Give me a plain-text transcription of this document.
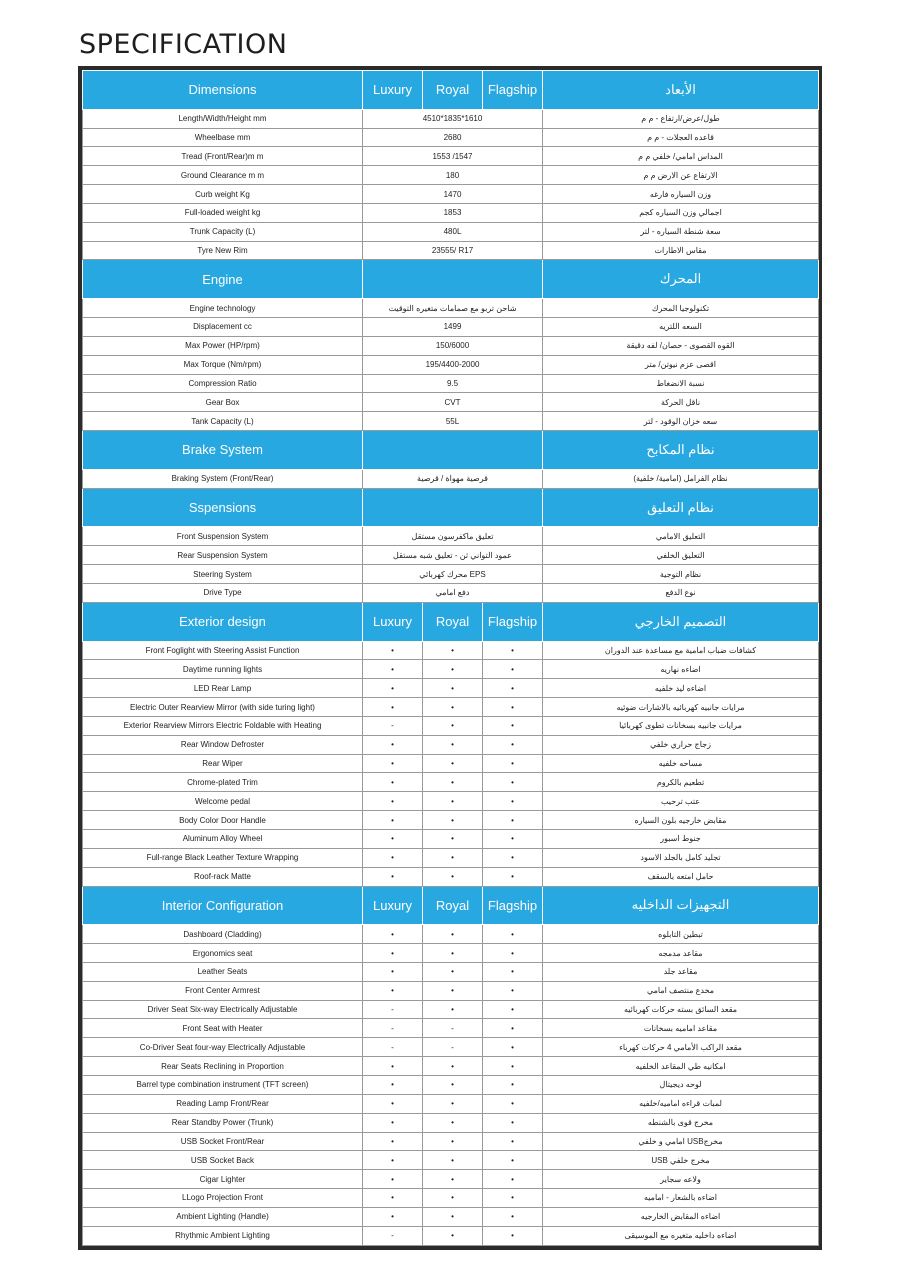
SPECIFICATION
Dimensions	Luxury	Royal	Flagship	الأبعاد
Length/Width/Height mm	4510*1835*1610			طول/عرض/ارتفاع - م م
Wheelbase mm	2680			قاعده العجلات - م م
Tread (Front/Rear)m m	1553 /1547			المداس امامي/ خلفي م م
Ground Clearance m m	180			الارتفاع عن الارض م م
Curb weight Kg	1470			وزن السياره فارغه
Full-loaded weight kg	1853			اجمالي وزن السياره كجم
Trunk Capacity (L)	480L			سعة شنطة السياره - لتر
Tyre New Rim	23555/ R17			مقاس الاطارات
Engine				المحرك
Engine technology	شاحن تربو مع صمامات متغيره التوقيت			تكنولوجيا المحرك
Displacement cc	1499			السعه اللتريه
Max Power (HP/rpm)	150/6000			القوه القصوى - حصان/ لفه دقيقة
Max Torque (Nm/rpm)	195/4400-2000			اقصى عزم نيوتن/ متر
Compression Ratio	9.5			نسبة الانضغاط
Gear Box	CVT			ناقل الحركة
Tank Capacity (L)	55L			سعه خزان الوقود - لتر
Brake System				نظام المكابح
Braking System (Front/Rear)	قرصية مهواة / قرصية			نظام الفرامل (امامية/ خلفية)
Sspensions				نظام التعليق
Front Suspension System	تعليق ماكفرسون مستقل			التعليق الامامي
Rear Suspension System	عمود التواني ثن - تعليق شبه مستقل			التعليق الخلفي
Steering System	EPS محرك كهربائي			نظام التوجية
Drive Type	دفع امامي			نوع الدفع
Exterior design	Luxury	Royal	Flagship	التصميم الخارجي
Front Foglight with Steering Assist Function	•	•	•	كشافات ضباب امامية مع مساعدة عند الدوران
Daytime running lights	•	•	•	اضاءه نهاريه
LED Rear Lamp	•	•	•	اضاءه ليد خلفيه
Electric Outer Rearview Mirror (with side turing light)	•	•	•	مرايات جانبيه كهربائيه بالاشارات ضوئيه
Exterior Rearview Mirrors Electric Foldable with Heating	-	•	•	مرايات جانبيه بسخانات تطوى كهربائيا
Rear Window Defroster	•	•	•	زجاج حراري خلفي
Rear Wiper	•	•	•	مساحه خلفيه
Chrome-plated Trim	•	•	•	تطعيم بالكروم
Welcome pedal	•	•	•	عتب ترحيب
Body Color Door Handle	•	•	•	مقابض خارجيه بلون السياره
Aluminum Alloy Wheel	•	•	•	جنوط اسبور
Full-range Black Leather Texture Wrapping	•	•	•	تجليد كامل بالجلد الاسود
Roof-rack Matte	•	•	•	حامل امتعه بالسقف
Interior Configuration	Luxury	Royal	Flagship	التجهيزات الداخليه
Dashboard (Cladding)	•	•	•	تبطين التابلوه
Ergonomics seat	•	•	•	مقاعد مدمجه
Leather Seats	•	•	•	مقاعد جلد
Front Center Armrest	•	•	•	مخدع منتصف امامي
Driver Seat Six-way Electrically Adjustable	-	•	•	مقعد السائق بسته حركات كهربائيه
Front Seat with Heater	-	-	•	مقاعد اماميه بسخانات
Co-Driver Seat four-way Electrically Adjustable	-	-	•	مقعد الراكب الأمامي 4 حركات كهرباء
Rear Seats Reclining in Proportion	•	•	•	امكانيه طي المقاعد الخلفيه
Barrel type combination instrument (TFT screen)	•	•	•	لوحه ديجيتال
Reading Lamp Front/Rear	•	•	•	لمبات قراءه اماميه/خلفيه
Rear Standby Power (Trunk)	•	•	•	مخرج قوى بالشنطه
USB Socket Front/Rear	•	•	•	مخرجUSB امامي و خلفي
USB Socket Back	•	•	•	مخرج خلفي USB
Cigar Lighter	•	•	•	ولاعه سجاير
LLogo Projection Front	•	•	•	اضاءه بالشعار - اماميه
Ambient Lighting (Handle)	•	•	•	اضاءه المقابض الخارجيه
Rhythmic Ambient Lighting	-	•	•	اضاءه داخليه متغيره مع الموسيقى
